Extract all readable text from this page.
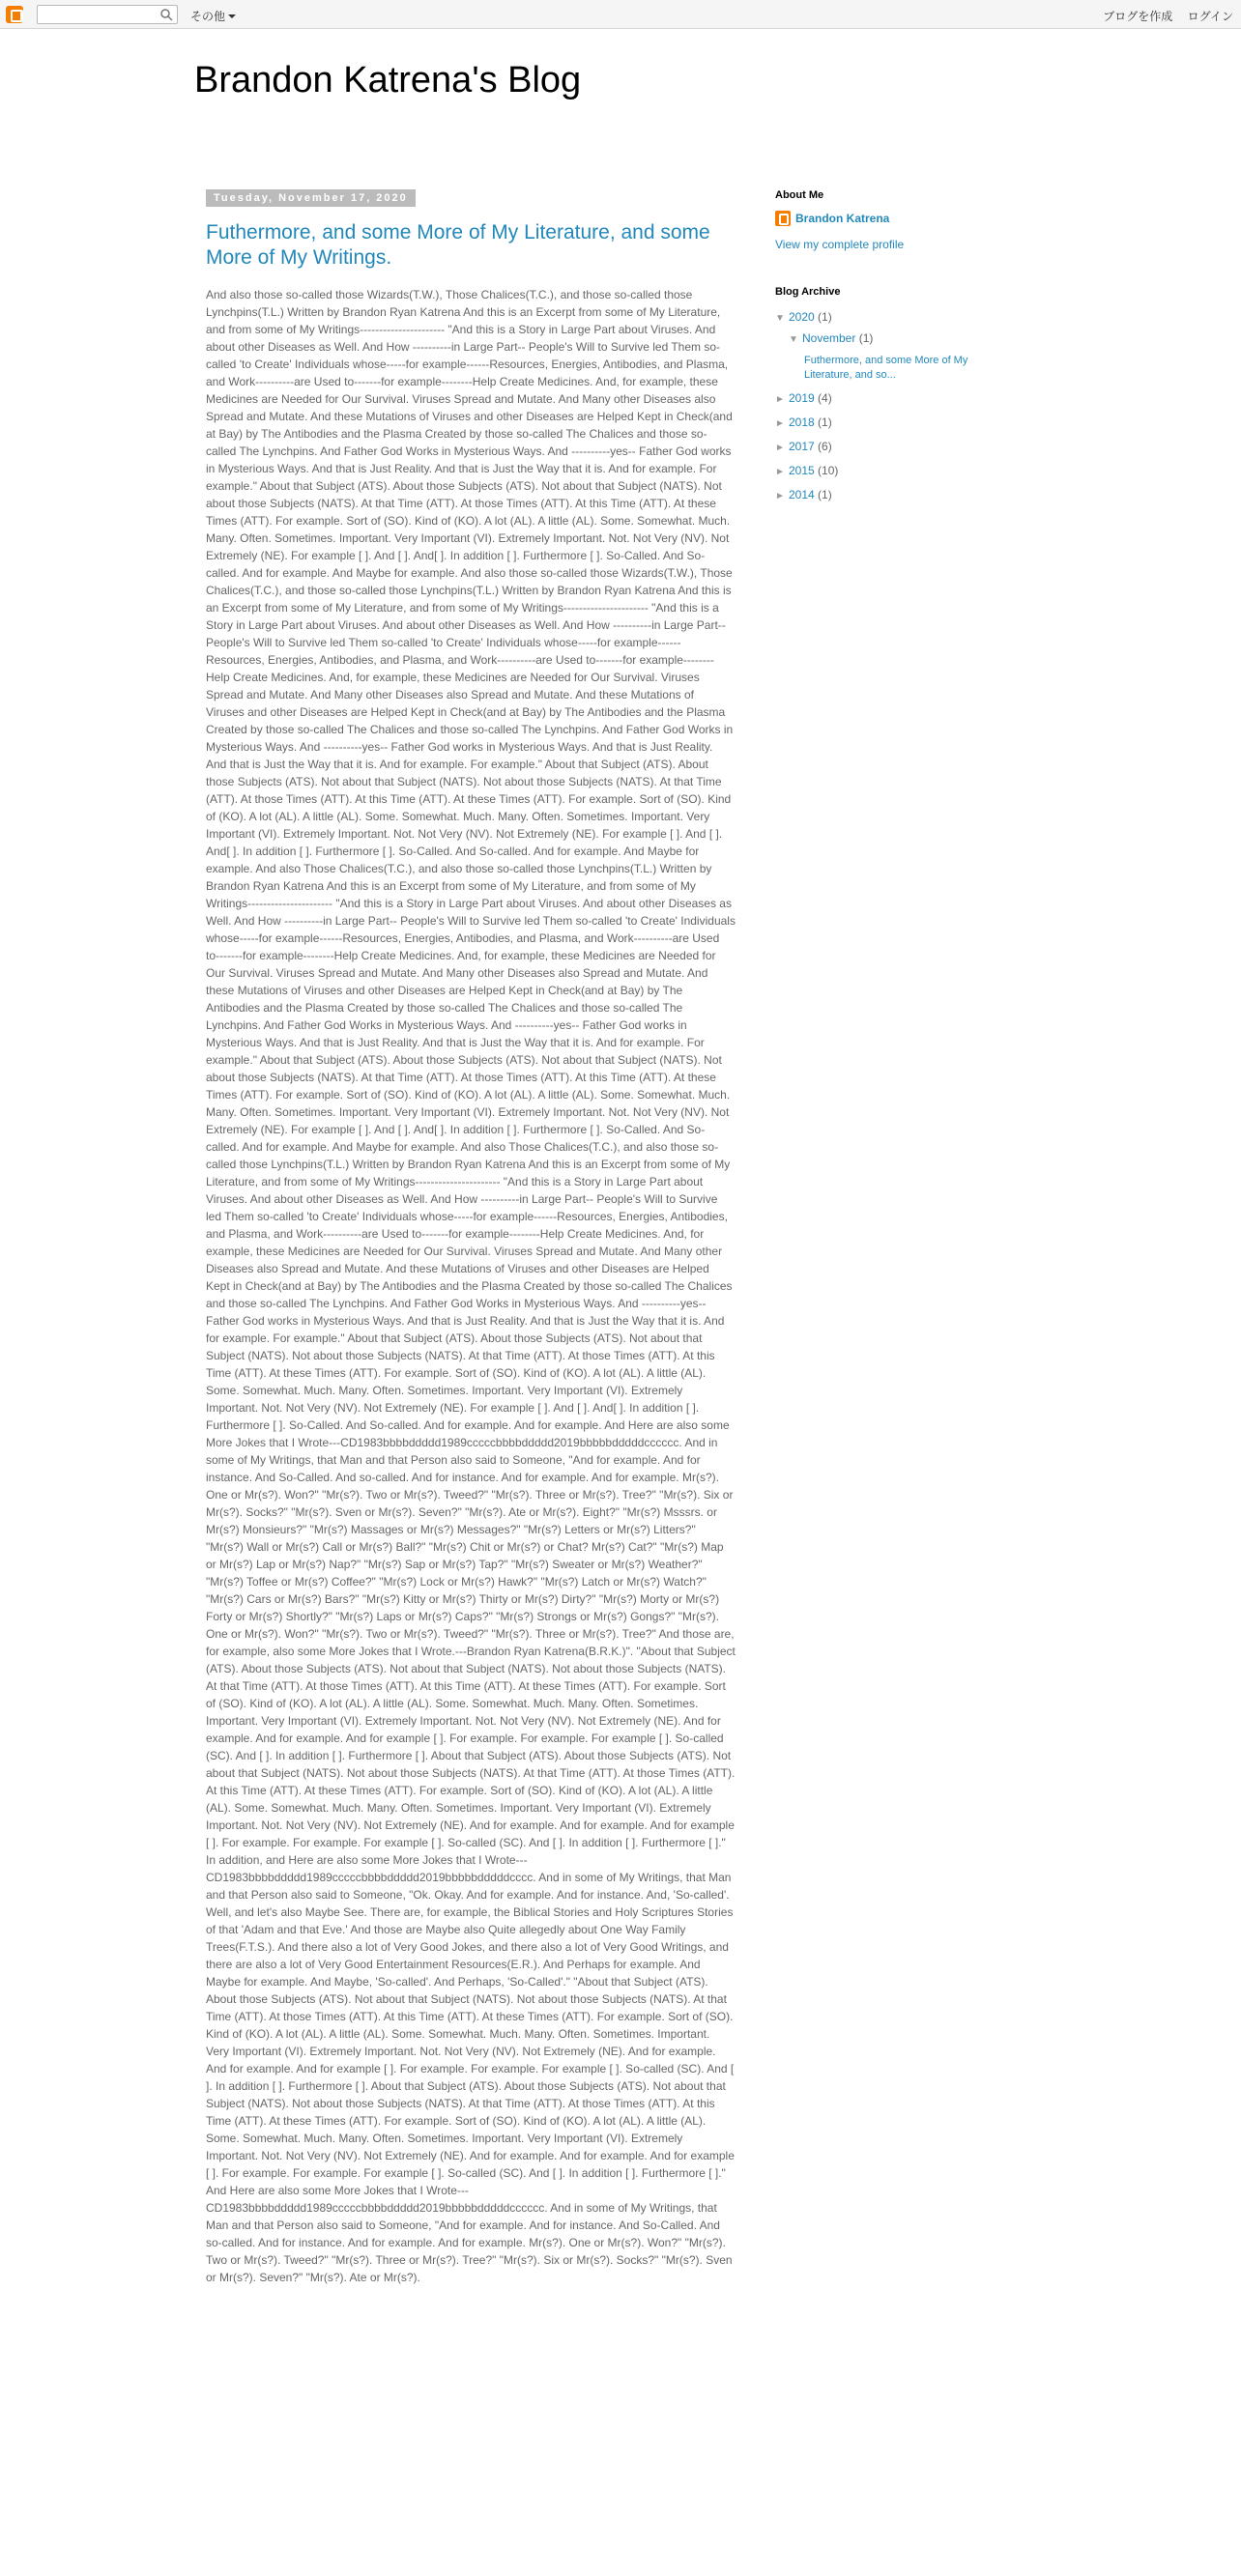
その他	ブログを作成 ログイン
Brandon Katrena's Blog
Tuesday, November 17, 2020
Futhermore, and some More of My Literature, and some More of My Writings.
And also those so-called those Wizards(T.W.), Those Chalices(T.C.), and those so-called those Lynchpins(T.L.) Written by Brandon Ryan Katrena And this is an Excerpt from some of My Literature, and from some of My Writings---------------------- "And this is a Story in Large Part about Viruses. And about other Diseases as Well. And How ----------in Large Part-- People's Will to Survive led Them so-called 'to Create' Individuals whose-----for example------Resources, Energies, Antibodies, and Plasma, and Work----------are Used to-------for example--------Help Create Medicines. And, for example, these Medicines are Needed for Our Survival. Viruses Spread and Mutate. And Many other Diseases also Spread and Mutate. And these Mutations of Viruses and other Diseases are Helped Kept in Check(and at Bay) by The Antibodies and the Plasma Created by those so-called The Chalices and those so-called The Lynchpins. And Father God Works in Mysterious Ways. And ----------yes-- Father God works in Mysterious Ways. And that is Just Reality. And that is Just the Way that it is. And for example. For example." About that Subject (ATS). About those Subjects (ATS). Not about that Subject (NATS). Not about those Subjects (NATS). At that Time (ATT). At those Times (ATT). At this Time (ATT). At these Times (ATT). For example. Sort of (SO). Kind of (KO). A lot (AL). A little (AL). Some. Somewhat. Much. Many. Often. Sometimes. Important. Very Important (VI). Extremely Important. Not. Not Very (NV). Not Extremely (NE). For example [ ]. And [ ]. And[ ]. In addition [ ]. Furthermore [ ]. So-Called. And So-called. And for example. And Maybe for example. And also those so-called those Wizards(T.W.), Those Chalices(T.C.), and those so-called those Lynchpins(T.L.) Written by Brandon Ryan Katrena And this is an Excerpt from some of My Literature, and from some of My Writings---------------------- "And this is a Story in Large Part about Viruses. And about other Diseases as Well. And How ----------in Large Part-- People's Will to Survive led Them so-called 'to Create' Individuals whose-----for example------Resources, Energies, Antibodies, and Plasma, and Work----------are Used to-------for example--------Help Create Medicines. And, for example, these Medicines are Needed for Our Survival. Viruses Spread and Mutate. And Many other Diseases also Spread and Mutate. And these Mutations of Viruses and other Diseases are Helped Kept in Check(and at Bay) by The Antibodies and the Plasma Created by those so-called The Chalices and those so-called The Lynchpins. And Father God Works in Mysterious Ways. And ----------yes-- Father God works in Mysterious Ways. And that is Just Reality. And that is Just the Way that it is. And for example. For example." About that Subject (ATS). About those Subjects (ATS). Not about that Subject (NATS). Not about those Subjects (NATS). At that Time (ATT). At those Times (ATT). At this Time (ATT). At these Times (ATT). For example. Sort of (SO). Kind of (KO). A lot (AL). A little (AL). Some. Somewhat. Much. Many. Often. Sometimes. Important. Very Important (VI). Extremely Important. Not. Not Very (NV). Not Extremely (NE). For example [ ]. And [ ]. And[ ]. In addition [ ]. Furthermore [ ]. So-Called. And So-called. And for example. And Maybe for example. And also Those Chalices(T.C.), and also those so-called those Lynchpins(T.L.) Written by Brandon Ryan Katrena And this is an Excerpt from some of My Literature, and from some of My Writings---------------------- "And this is a Story in Large Part about Viruses. And about other Diseases as Well. And How ----------in Large Part-- People's Will to Survive led Them so-called 'to Create' Individuals whose-----for example------Resources, Energies, Antibodies, and Plasma, and Work----------are Used to-------for example--------Help Create Medicines. And, for example, these Medicines are Needed for Our Survival. Viruses Spread and Mutate. And Many other Diseases also Spread and Mutate. And these Mutations of Viruses and other Diseases are Helped Kept in Check(and at Bay) by The Antibodies and the Plasma Created by those so-called The Chalices and those so-called The Lynchpins. And Father God Works in Mysterious Ways. And ----------yes-- Father God works in Mysterious Ways. And that is Just Reality. And that is Just the Way that it is. And for example. For example." About that Subject (ATS). About those Subjects (ATS). Not about that Subject (NATS). Not about those Subjects (NATS). At that Time (ATT). At those Times (ATT). At this Time (ATT). At these Times (ATT). For example. Sort of (SO). Kind of (KO). A lot (AL). A little (AL). Some. Somewhat. Much. Many. Often. Sometimes. Important. Very Important (VI). Extremely Important. Not. Not Very (NV). Not Extremely (NE). For example [ ]. And [ ]. And[ ]. In addition [ ]. Furthermore [ ]. So-Called. And So-called. And for example. And Maybe for example. And also Those Chalices(T.C.), and also those so-called those Lynchpins(T.L.) Written by Brandon Ryan Katrena And this is an Excerpt from some of My Literature, and from some of My Writings---------------------- "And this is a Story in Large Part about Viruses. And about other Diseases as Well. And How ----------in Large Part-- People's Will to Survive led Them so-called 'to Create' Individuals whose-----for example------Resources, Energies, Antibodies, and Plasma, and Work----------are Used to-------for example--------Help Create Medicines. And, for example, these Medicines are Needed for Our Survival. Viruses Spread and Mutate. And Many other Diseases also Spread and Mutate. And these Mutations of Viruses and other Diseases are Helped Kept in Check(and at Bay) by The Antibodies and the Plasma Created by those so-called The Chalices and those so-called The Lynchpins. And Father God Works in Mysterious Ways. And ----------yes-- Father God works in Mysterious Ways. And that is Just Reality. And that is Just the Way that it is. And for example. For example." About that Subject (ATS). About those Subjects (ATS). Not about that Subject (NATS). Not about those Subjects (NATS). At that Time (ATT). At those Times (ATT). At this Time (ATT). At these Times (ATT). For example. Sort of (SO). Kind of (KO). A lot (AL). A little (AL). Some. Somewhat. Much. Many. Often. Sometimes. Important. Very Important (VI). Extremely Important. Not. Not Very (NV). Not Extremely (NE). For example [ ]. And [ ]. And[ ]. In addition [ ]. Furthermore [ ]. So-Called. And So-called. And for example. And for example. And Here are also some More Jokes that I Wrote---CD1983bbbbddddd1989cccccbbbbddddd2019bbbbbdddddcccccc. And in some of My Writings, that Man and that Person also said to Someone, "And for example. And for instance. And So-Called. And so-called. And for instance. And for example. And for example. Mr(s?). One or Mr(s?). Won?" "Mr(s?). Two or Mr(s?). Tweed?" "Mr(s?). Three or Mr(s?). Tree?" "Mr(s?). Six or Mr(s?). Socks?" "Mr(s?). Sven or Mr(s?). Seven?" "Mr(s?). Ate or Mr(s?). Eight?" "Mr(s?) Msssrs. or Mr(s?) Monsieurs?" "Mr(s?) Massages or Mr(s?) Messages?" "Mr(s?) Letters or Mr(s?) Litters?" "Mr(s?) Wall or Mr(s?) Call or Mr(s?) Ball?" "Mr(s?) Chit or Mr(s?) or Chat? Mr(s?) Cat?" "Mr(s?) Map or Mr(s?) Lap or Mr(s?) Nap?" "Mr(s?) Sap or Mr(s?) Tap?" "Mr(s?) Sweater or Mr(s?) Weather?" "Mr(s?) Toffee or Mr(s?) Coffee?" "Mr(s?) Lock or Mr(s?) Hawk?" "Mr(s?) Latch or Mr(s?) Watch?" "Mr(s?) Cars or Mr(s?) Bars?" "Mr(s?) Kitty or Mr(s?) Thirty or Mr(s?) Dirty?" "Mr(s?) Morty or Mr(s?) Forty or Mr(s?) Shortly?" "Mr(s?) Laps or Mr(s?) Caps?" "Mr(s?) Strongs or Mr(s?) Gongs?" "Mr(s?). One or Mr(s?). Won?" "Mr(s?). Two or Mr(s?). Tweed?" "Mr(s?). Three or Mr(s?). Tree?" And those are, for example, also some More Jokes that I Wrote.---Brandon Ryan Katrena(B.R.K.)". "About that Subject (ATS). About those Subjects (ATS). Not about that Subject (NATS). Not about those Subjects (NATS). At that Time (ATT). At those Times (ATT). At this Time (ATT). At these Times (ATT). For example. Sort of (SO). Kind of (KO). A lot (AL). A little (AL). Some. Somewhat. Much. Many. Often. Sometimes. Important. Very Important (VI). Extremely Important. Not. Not Very (NV). Not Extremely (NE). And for example. And for example. And for example [ ]. For example. For example. For example [ ]. So-called (SC). And [ ]. In addition [ ]. Furthermore [ ]. About that Subject (ATS). About those Subjects (ATS). Not about that Subject (NATS). Not about those Subjects (NATS). At that Time (ATT). At those Times (ATT). At this Time (ATT). At these Times (ATT). For example. Sort of (SO). Kind of (KO). A lot (AL). A little (AL). Some. Somewhat. Much. Many. Often. Sometimes. Important. Very Important (VI). Extremely Important. Not. Not Very (NV). Not Extremely (NE). And for example. And for example. And for example [ ]. For example. For example. For example [ ]. So-called (SC). And [ ]. In addition [ ]. Furthermore [ ]." In addition, and Here are also some More Jokes that I Wrote---CD1983bbbbddddd1989cccccbbbbddddd2019bbbbbdddddcccc. And in some of My Writings, that Man and that Person also said to Someone, "Ok. Okay. And for example. And for instance. And, 'So-called'. Well, and let's also Maybe See. There are, for example, the Biblical Stories and Holy Scriptures Stories of that 'Adam and that Eve.' And those are Maybe also Quite allegedly about One Way Family Trees(F.T.S.). And there also a lot of Very Good Jokes, and there also a lot of Very Good Writings, and there are also a lot of Very Good Entertainment Resources(E.R.). And Perhaps for example. And Maybe for example. And Maybe, 'So-called'. And Perhaps, 'So-Called'." "About that Subject (ATS). About those Subjects (ATS). Not about that Subject (NATS). Not about those Subjects (NATS). At that Time (ATT). At those Times (ATT). At this Time (ATT). At these Times (ATT). For example. Sort of (SO). Kind of (KO). A lot (AL). A little (AL). Some. Somewhat. Much. Many. Often. Sometimes. Important. Very Important (VI). Extremely Important. Not. Not Very (NV). Not Extremely (NE). And for example. And for example. And for example [ ]. For example. For example. For example [ ]. So-called (SC). And [ ]. In addition [ ]. Furthermore [ ]. About that Subject (ATS). About those Subjects (ATS). Not about that Subject (NATS). Not about those Subjects (NATS). At that Time (ATT). At those Times (ATT). At this Time (ATT). At these Times (ATT). For example. Sort of (SO). Kind of (KO). A lot (AL). A little (AL). Some. Somewhat. Much. Many. Often. Sometimes. Important. Very Important (VI). Extremely Important. Not. Not Very (NV). Not Extremely (NE). And for example. And for example. And for example [ ]. For example. For example. For example [ ]. So-called (SC). And [ ]. In addition [ ]. Furthermore [ ]." And Here are also some More Jokes that I Wrote---CD1983bbbbddddd1989cccccbbbbddddd2019bbbbbdddddcccccc. And in some of My Writings, that Man and that Person also said to Someone, "And for example. And for instance. And So-Called. And so-called. And for instance. And for example. And for example. Mr(s?). One or Mr(s?). Won?" "Mr(s?). Two or Mr(s?). Tweed?" "Mr(s?). Three or Mr(s?). Tree?" "Mr(s?). Six or Mr(s?). Socks?" "Mr(s?). Sven or Mr(s?). Seven?" "Mr(s?). Ate or Mr(s?).
About Me
Brandon Katrena
View my complete profile
Blog Archive
▼ 2020 (1)
▼ November (1)
Futhermore, and some More of My Literature, and so...
► 2019 (4)
► 2018 (1)
► 2017 (6)
► 2015 (10)
► 2014 (1)
